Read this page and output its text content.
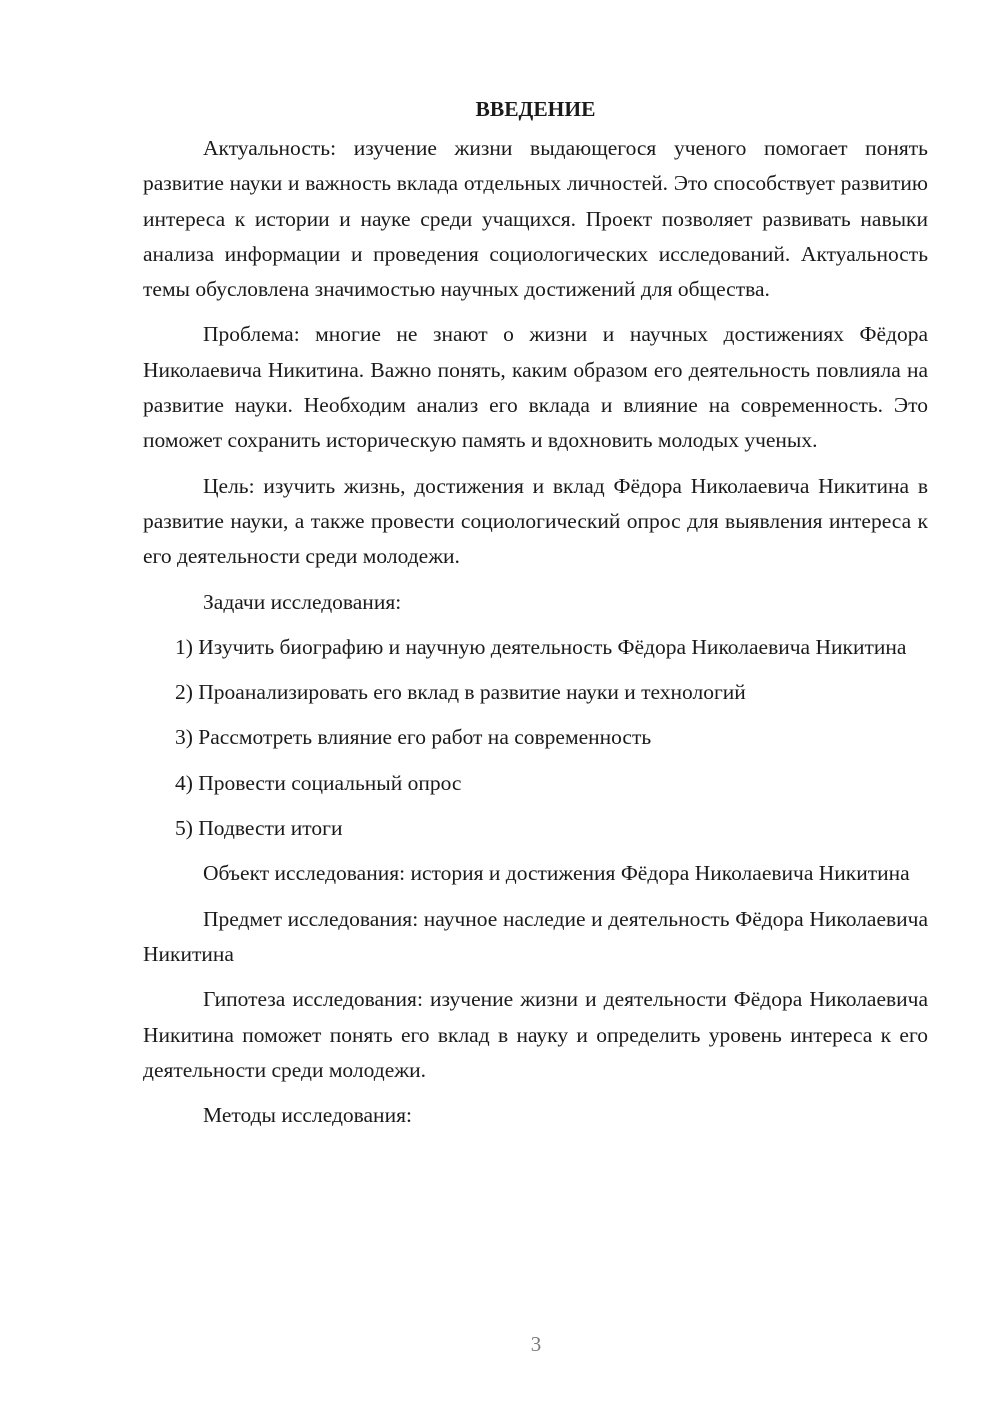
ВВЕДЕНИЕ

Актуальность: изучение жизни выдающегося ученого помогает понять развитие науки и важность вклада отдельных личностей. Это способствует развитию интереса к истории и науке среди учащихся. Проект позволяет развивать навыки анализа информации и проведения социологических исследований. Актуальность темы обусловлена значимостью научных достижений для общества.

Проблема: многие не знают о жизни и научных достижениях Фёдора Николаевича Никитина. Важно понять, каким образом его деятельность повлияла на развитие науки. Необходим анализ его вклада и влияние на современность. Это поможет сохранить историческую память и вдохновить молодых ученых.

Цель: изучить жизнь, достижения и вклад Фёдора Николаевича Никитина в развитие науки, а также провести социологический опрос для выявления интереса к его деятельности среди молодежи.

Задачи исследования:

1) Изучить биографию и научную деятельность Фёдора Николаевича Никитина

2) Проанализировать его вклад в развитие науки и технологий

3) Рассмотреть влияние его работ на современность

4) Провести социальный опрос

5) Подвести итоги

Объект исследования: история и достижения Фёдора Николаевича Никитина

Предмет исследования: научное наследие и деятельность Фёдора Николаевича Никитина

Гипотеза исследования: изучение жизни и деятельности Фёдора Николаевича Никитина поможет понять его вклад в науку и определить уровень интереса к его деятельности среди молодежи.

Методы исследования:

3
